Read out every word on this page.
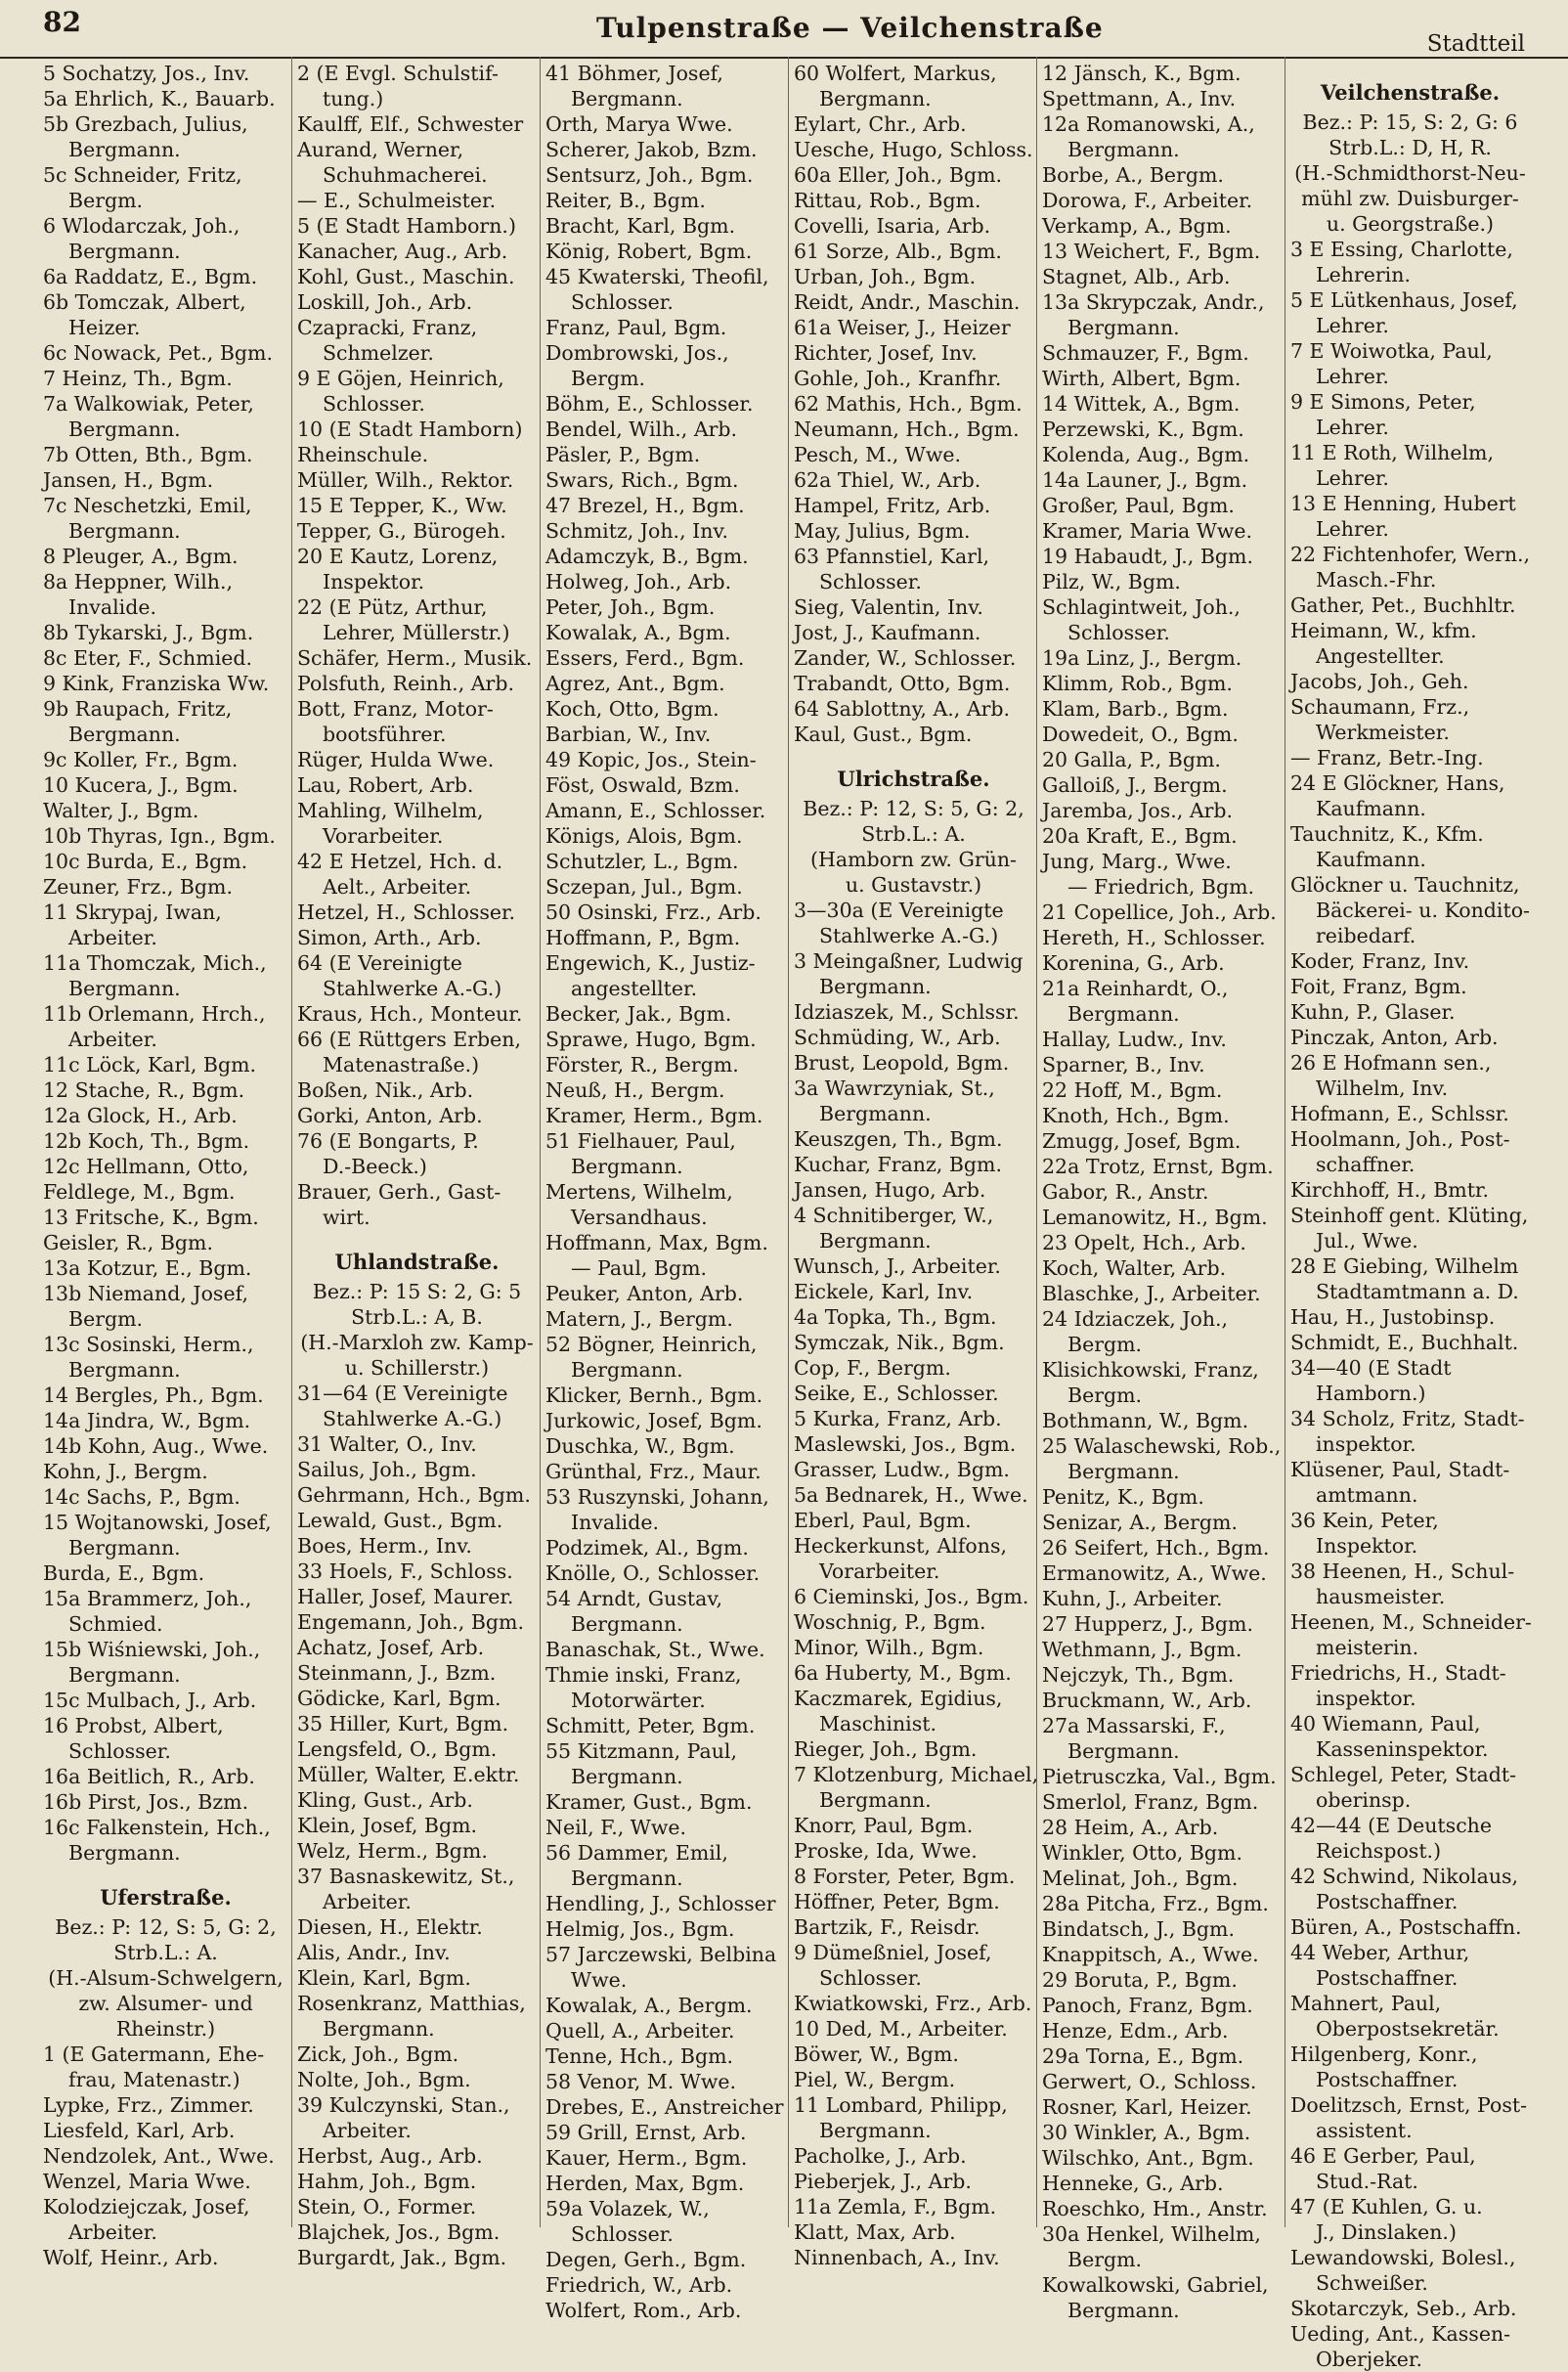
82	Tulpenstraße — Veilchenstraße	Stadtteil
5 Sochatzy, Jos., Inv.
5a Ehrlich, K., Bauarb.
5b Grezbach, Julius,
Bergmann.
5c Schneider, Fritz,
Bergm.
6 Wlodarczak, Joh.,
Bergmann.
6a Raddatz, E., Bgm.
6b Tomczak, Albert,
Heizer.
6c Nowack, Pet., Bgm.
7 Heinz, Th., Bgm.
7a Walkowiak, Peter,
Bergmann.
7b Otten, Bth., Bgm.
Jansen, H., Bgm.
7c Neschetzki, Emil,
Bergmann.
8 Pleuger, A., Bgm.
8a Heppner, Wilh.,
Invalide.
8b Tykarski, J., Bgm.
8c Eter, F., Schmied.
9 Kink, Franziska Ww.
9b Raupach, Fritz,
Bergmann.
9c Koller, Fr., Bgm.
10 Kucera, J., Bgm.
Walter, J., Bgm.
10b Thyras, Ign., Bgm.
10c Burda, E., Bgm.
Zeuner, Frz., Bgm.
11 Skrypaj, Iwan,
Arbeiter.
11a Thomczak, Mich.,
Bergmann.
11b Orlemann, Hrch.,
Arbeiter.
11c Löck, Karl, Bgm.
12 Stache, R., Bgm.
12a Glock, H., Arb.
12b Koch, Th., Bgm.
12c Hellmann, Otto,
Feldlege, M., Bgm.
13 Fritsche, K., Bgm.
Geisler, R., Bgm.
13a Kotzur, E., Bgm.
13b Niemand, Josef,
Bergm.
13c Sosinski, Herm.,
Bergmann.
14 Bergles, Ph., Bgm.
14a Jindra, W., Bgm.
14b Kohn, Aug., Wwe.
Kohn, J., Bergm.
14c Sachs, P., Bgm.
15 Wojtanowski, Josef,
Bergmann.
Burda, E., Bgm.
15a Brammerz, Joh.,
Schmied.
15b Wiśniewski, Joh.,
Bergmann.
15c Mulbach, J., Arb.
16 Probst, Albert,
Schlosser.
16a Beitlich, R., Arb.
16b Pirst, Jos., Bzm.
16c Falkenstein, Hch.,
Bergmann.
Uferstraße.
Bez.: P: 12, S: 5, G: 2,
Strb.L.: A.
(H.-Alsum-Schwelgern,
zw. Alsumer- und
Rheinstr.)
1 (E Gatermann, Ehe-
frau, Matenastr.)
Lypke, Frz., Zimmer.
Liesfeld, Karl, Arb.
Nendzolek, Ant., Wwe.
Wenzel, Maria Wwe.
Kolodziejczak, Josef,
Arbeiter.
Wolf, Heinr., Arb.
2 (E Evgl. Schulstif-
tung.)
Kaulff, Elf., Schwester
Aurand, Werner,
Schuhmacherei.
— E., Schulmeister.
5 (E Stadt Hamborn.)
Kanacher, Aug., Arb.
Kohl, Gust., Maschin.
Loskill, Joh., Arb.
Czapracki, Franz,
Schmelzer.
9 E Göjen, Heinrich,
Schlosser.
10 (E Stadt Hamborn)
Rheinschule.
Müller, Wilh., Rektor.
15 E Tepper, K., Ww.
Tepper, G., Bürogeh.
20 E Kautz, Lorenz,
Inspektor.
22 (E Pütz, Arthur,
Lehrer, Müllerstr.)
Schäfer, Herm., Musik.
Polsfuth, Reinh., Arb.
Bott, Franz, Motor-
bootsführer.
Rüger, Hulda Wwe.
Lau, Robert, Arb.
Mahling, Wilhelm,
Vorarbeiter.
42 E Hetzel, Hch. d.
Aelt., Arbeiter.
Hetzel, H., Schlosser.
Simon, Arth., Arb.
64 (E Vereinigte
Stahlwerke A.-G.)
Kraus, Hch., Monteur.
66 (E Rüttgers Erben,
Matenastraße.)
Boßen, Nik., Arb.
Gorki, Anton, Arb.
76 (E Bongarts, P.
D.-Beeck.)
Brauer, Gerh., Gast-
wirt.
Uhlandstraße.
Bez.: P: 15 S: 2, G: 5
Strb.L.: A, B.
(H.-Marxloh zw. Kamp-
u. Schillerstr.)
31—64 (E Vereinigte
Stahlwerke A.-G.)
31 Walter, O., Inv.
Sailus, Joh., Bgm.
Gehrmann, Hch., Bgm.
Lewald, Gust., Bgm.
Boes, Herm., Inv.
33 Hoels, F., Schloss.
Haller, Josef, Maurer.
Engemann, Joh., Bgm.
Achatz, Josef, Arb.
Steinmann, J., Bzm.
Gödicke, Karl, Bgm.
35 Hiller, Kurt, Bgm.
Lengsfeld, O., Bgm.
Müller, Walter, E.ektr.
Kling, Gust., Arb.
Klein, Josef, Bgm.
Welz, Herm., Bgm.
37 Basnaskewitz, St.,
Arbeiter.
Diesen, H., Elektr.
Alis, Andr., Inv.
Klein, Karl, Bgm.
Rosenkranz, Matthias,
Bergmann.
Zick, Joh., Bgm.
Nolte, Joh., Bgm.
39 Kulczynski, Stan.,
Arbeiter.
Herbst, Aug., Arb.
Hahm, Joh., Bgm.
Stein, O., Former.
Blajchek, Jos., Bgm.
Burgardt, Jak., Bgm.
41 Böhmer, Josef,
Bergmann.
Orth, Marya Wwe.
Scherer, Jakob, Bzm.
Sentsurz, Joh., Bgm.
Reiter, B., Bgm.
Bracht, Karl, Bgm.
König, Robert, Bgm.
45 Kwaterski, Theofil,
Schlosser.
Franz, Paul, Bgm.
Dombrowski, Jos.,
Bergm.
Böhm, E., Schlosser.
Bendel, Wilh., Arb.
Päsler, P., Bgm.
Swars, Rich., Bgm.
47 Brezel, H., Bgm.
Schmitz, Joh., Inv.
Adamczyk, B., Bgm.
Holweg, Joh., Arb.
Peter, Joh., Bgm.
Kowalak, A., Bgm.
Essers, Ferd., Bgm.
Agrez, Ant., Bgm.
Koch, Otto, Bgm.
Barbian, W., Inv.
49 Kopic, Jos., Stein-
Föst, Oswald, Bzm.
Amann, E., Schlosser.
Königs, Alois, Bgm.
Schutzler, L., Bgm.
Sczepan, Jul., Bgm.
50 Osinski, Frz., Arb.
Hoffmann, P., Bgm.
Engewich, K., Justiz-
angestellter.
Becker, Jak., Bgm.
Sprawe, Hugo, Bgm.
Förster, R., Bergm.
Neuß, H., Bergm.
Kramer, Herm., Bgm.
51 Fielhauer, Paul,
Bergmann.
Mertens, Wilhelm,
Versandhaus.
Hoffmann, Max, Bgm.
— Paul, Bgm.
Peuker, Anton, Arb.
Matern, J., Bergm.
52 Bögner, Heinrich,
Bergmann.
Klicker, Bernh., Bgm.
Jurkowic, Josef, Bgm.
Duschka, W., Bgm.
Grünthal, Frz., Maur.
53 Ruszynski, Johann,
Invalide.
Podzimek, Al., Bgm.
Knölle, O., Schlosser.
54 Arndt, Gustav,
Bergmann.
Banaschak, St., Wwe.
Thmie inski, Franz,
Motorwärter.
Schmitt, Peter, Bgm.
55 Kitzmann, Paul,
Bergmann.
Kramer, Gust., Bgm.
Neil, F., Wwe.
56 Dammer, Emil,
Bergmann.
Hendling, J., Schlosser
Helmig, Jos., Bgm.
57 Jarczewski, Belbina
Wwe.
Kowalak, A., Bergm.
Quell, A., Arbeiter.
Tenne, Hch., Bgm.
58 Venor, M. Wwe.
Drebes, E., Anstreicher
59 Grill, Ernst, Arb.
Kauer, Herm., Bgm.
Herden, Max, Bgm.
59a Volazek, W.,
Schlosser.
Degen, Gerh., Bgm.
Friedrich, W., Arb.
Wolfert, Rom., Arb.
60 Wolfert, Markus,
Bergmann.
Eylart, Chr., Arb.
Uesche, Hugo, Schloss.
60a Eller, Joh., Bgm.
Rittau, Rob., Bgm.
Covelli, Isaria, Arb.
61 Sorze, Alb., Bgm.
Urban, Joh., Bgm.
Reidt, Andr., Maschin.
61a Weiser, J., Heizer
Richter, Josef, Inv.
Gohle, Joh., Kranfhr.
62 Mathis, Hch., Bgm.
Neumann, Hch., Bgm.
Pesch, M., Wwe.
62a Thiel, W., Arb.
Hampel, Fritz, Arb.
May, Julius, Bgm.
63 Pfannstiel, Karl,
Schlosser.
Sieg, Valentin, Inv.
Jost, J., Kaufmann.
Zander, W., Schlosser.
Trabandt, Otto, Bgm.
64 Sablottny, A., Arb.
Kaul, Gust., Bgm.
Ulrichstraße.
Bez.: P: 12, S: 5, G: 2,
Strb.L.: A.
(Hamborn zw. Grün-
u. Gustavstr.)
3—30a (E Vereinigte
Stahlwerke A.-G.)
3 Meingaßner, Ludwig
Bergmann.
Idziaszek, M., Schlssr.
Schmüding, W., Arb.
Brust, Leopold, Bgm.
3a Wawrzyniak, St.,
Bergmann.
Keuszgen, Th., Bgm.
Kuchar, Franz, Bgm.
Jansen, Hugo, Arb.
4 Schnitiberger, W.,
Bergmann.
Wunsch, J., Arbeiter.
Eickele, Karl, Inv.
4a Topka, Th., Bgm.
Symczak, Nik., Bgm.
Cop, F., Bergm.
Seike, E., Schlosser.
5 Kurka, Franz, Arb.
Maslewski, Jos., Bgm.
Grasser, Ludw., Bgm.
5a Bednarek, H., Wwe.
Eberl, Paul, Bgm.
Heckerkunst, Alfons,
Vorarbeiter.
6 Cieminski, Jos., Bgm.
Woschnig, P., Bgm.
Minor, Wilh., Bgm.
6a Huberty, M., Bgm.
Kaczmarek, Egidius,
Maschinist.
Rieger, Joh., Bgm.
7 Klotzenburg, Michael,
Bergmann.
Knorr, Paul, Bgm.
Proske, Ida, Wwe.
8 Forster, Peter, Bgm.
Höffner, Peter, Bgm.
Bartzik, F., Reisdr.
9 Dümeßniel, Josef,
Schlosser.
Kwiatkowski, Frz., Arb.
10 Ded, M., Arbeiter.
Böwer, W., Bgm.
Piel, W., Bergm.
11 Lombard, Philipp,
Bergmann.
Pacholke, J., Arb.
Pieberjek, J., Arb.
11a Zemla, F., Bgm.
Klatt, Max, Arb.
Ninnenbach, A., Inv.
12 Jänsch, K., Bgm.
Spettmann, A., Inv.
12a Romanowski, A.,
Bergmann.
Borbe, A., Bergm.
Dorowa, F., Arbeiter.
Verkamp, A., Bgm.
13 Weichert, F., Bgm.
Stagnet, Alb., Arb.
13a Skrypczak, Andr.,
Bergmann.
Schmauzer, F., Bgm.
Wirth, Albert, Bgm.
14 Wittek, A., Bgm.
Perzewski, K., Bgm.
Kolenda, Aug., Bgm.
14a Launer, J., Bgm.
Großer, Paul, Bgm.
Kramer, Maria Wwe.
19 Habaudt, J., Bgm.
Pilz, W., Bgm.
Schlagintweit, Joh.,
Schlosser.
19a Linz, J., Bergm.
Klimm, Rob., Bgm.
Klam, Barb., Bgm.
Dowedeit, O., Bgm.
20 Galla, P., Bgm.
Galloiß, J., Bergm.
Jaremba, Jos., Arb.
20a Kraft, E., Bgm.
Jung, Marg., Wwe.
— Friedrich, Bgm.
21 Copellice, Joh., Arb.
Hereth, H., Schlosser.
Korenina, G., Arb.
21a Reinhardt, O.,
Bergmann.
Hallay, Ludw., Inv.
Sparner, B., Inv.
22 Hoff, M., Bgm.
Knoth, Hch., Bgm.
Zmugg, Josef, Bgm.
22a Trotz, Ernst, Bgm.
Gabor, R., Anstr.
Lemanowitz, H., Bgm.
23 Opelt, Hch., Arb.
Koch, Walter, Arb.
Blaschke, J., Arbeiter.
24 Idziaczek, Joh.,
Bergm.
Klisichkowski, Franz,
Bergm.
Bothmann, W., Bgm.
25 Walaschewski, Rob.,
Bergmann.
Penitz, K., Bgm.
Senizar, A., Bergm.
26 Seifert, Hch., Bgm.
Ermanowitz, A., Wwe.
Kuhn, J., Arbeiter.
27 Hupperz, J., Bgm.
Wethmann, J., Bgm.
Nejczyk, Th., Bgm.
Bruckmann, W., Arb.
27a Massarski, F.,
Bergmann.
Pietrusczka, Val., Bgm.
Smerlol, Franz, Bgm.
28 Heim, A., Arb.
Winkler, Otto, Bgm.
Melinat, Joh., Bgm.
28a Pitcha, Frz., Bgm.
Bindatsch, J., Bgm.
Knappitsch, A., Wwe.
29 Boruta, P., Bgm.
Panoch, Franz, Bgm.
Henze, Edm., Arb.
29a Torna, E., Bgm.
Gerwert, O., Schloss.
Rosner, Karl, Heizer.
30 Winkler, A., Bgm.
Wilschko, Ant., Bgm.
Henneke, G., Arb.
Roeschko, Hm., Anstr.
30a Henkel, Wilhelm,
Bergm.
Kowalkowski, Gabriel,
Bergmann.
Veilchenstraße.
Bez.: P: 15, S: 2, G: 6
Strb.L.: D, H, R.
(H.-Schmidthorst-Neu-
mühl zw. Duisburger-
u. Georgstraße.)
3 E Essing, Charlotte,
Lehrerin.
5 E Lütkenhaus, Josef,
Lehrer.
7 E Woiwotka, Paul,
Lehrer.
9 E Simons, Peter,
Lehrer.
11 E Roth, Wilhelm,
Lehrer.
13 E Henning, Hubert
Lehrer.
22 Fichtenhofer, Wern.,
Masch.-Fhr.
Gather, Pet., Buchhltr.
Heimann, W., kfm.
Angestellter.
Jacobs, Joh., Geh.
Schaumann, Frz.,
Werkmeister.
— Franz, Betr.-Ing.
24 E Glöckner, Hans,
Kaufmann.
Tauchnitz, K., Kfm.
Kaufmann.
Glöckner u. Tauchnitz,
Bäckerei- u. Kondito-
reibedarf.
Koder, Franz, Inv.
Foit, Franz, Bgm.
Kuhn, P., Glaser.
Pinczak, Anton, Arb.
26 E Hofmann sen.,
Wilhelm, Inv.
Hofmann, E., Schlssr.
Hoolmann, Joh., Post-
schaffner.
Kirchhoff, H., Bmtr.
Steinhoff gent. Klüting,
Jul., Wwe.
28 E Giebing, Wilhelm
Stadtamtmann a. D.
Hau, H., Justobinsp.
Schmidt, E., Buchhalt.
34—40 (E Stadt
Hamborn.)
34 Scholz, Fritz, Stadt-
inspektor.
Klüsener, Paul, Stadt-
amtmann.
36 Kein, Peter,
Inspektor.
38 Heenen, H., Schul-
hausmeister.
Heenen, M., Schneider-
meisterin.
Friedrichs, H., Stadt-
inspektor.
40 Wiemann, Paul,
Kasseninspektor.
Schlegel, Peter, Stadt-
oberinsp.
42—44 (E Deutsche
Reichspost.)
42 Schwind, Nikolaus,
Postschaffner.
Büren, A., Postschaffn.
44 Weber, Arthur,
Postschaffner.
Mahnert, Paul,
Oberpostsekretär.
Hilgenberg, Konr.,
Postschaffner.
Doelitzsch, Ernst, Post-
assistent.
46 E Gerber, Paul,
Stud.-Rat.
47 (E Kuhlen, G. u.
J., Dinslaken.)
Lewandowski, Bolesl.,
Schweißer.
Skotarczyk, Seb., Arb.
Ueding, Ant., Kassen-
Oberjeker.
